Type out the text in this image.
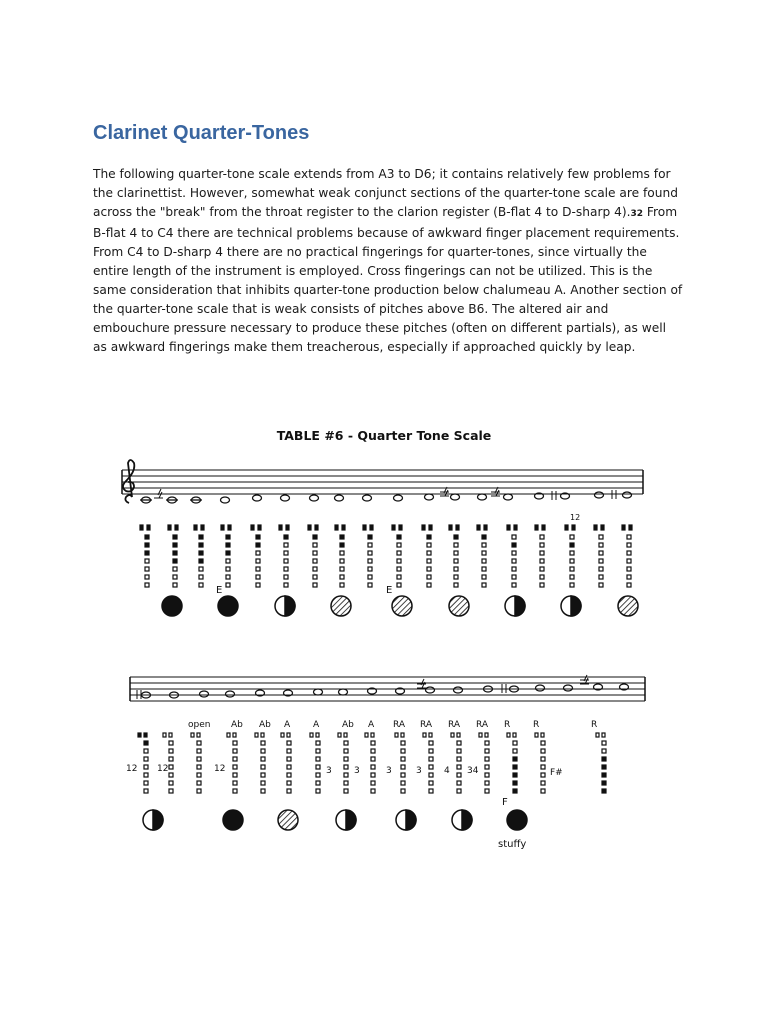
Clarinet Quarter-Tones

The following quarter-tone scale extends from A3 to D6; it contains relatively few problems for the clarinettist. However, somewhat weak conjunct sections of the quarter-tone scale are found across the "break" from the throat register to the clarion register (B-flat 4 to D-sharp 4).32 From B-flat 4 to C4 there are technical problems because of awkward finger placement requirements. From C4 to D-sharp 4 there are no practical fingerings for quarter-tones, since virtually the entire length of the instrument is employed. Cross fingerings can not be utilized. This is the same consideration that inhibits quarter-tone production below chalumeau A. Another section of the quarter-tone scale that is weak consists of pitches above B6. The altered air and embouchure pressure necessary to produce these pitches (often on different partials), as well as awkward fingerings make them treacherous, especially if approached quickly by leap.

TABLE #6 - Quarter Tone Scale
E	E
12
open Ab Ab A	A	Ab A RA RA RA RA R	R	R
12 12	12	3 3	3	3 4 34	F#
F
stuffy
